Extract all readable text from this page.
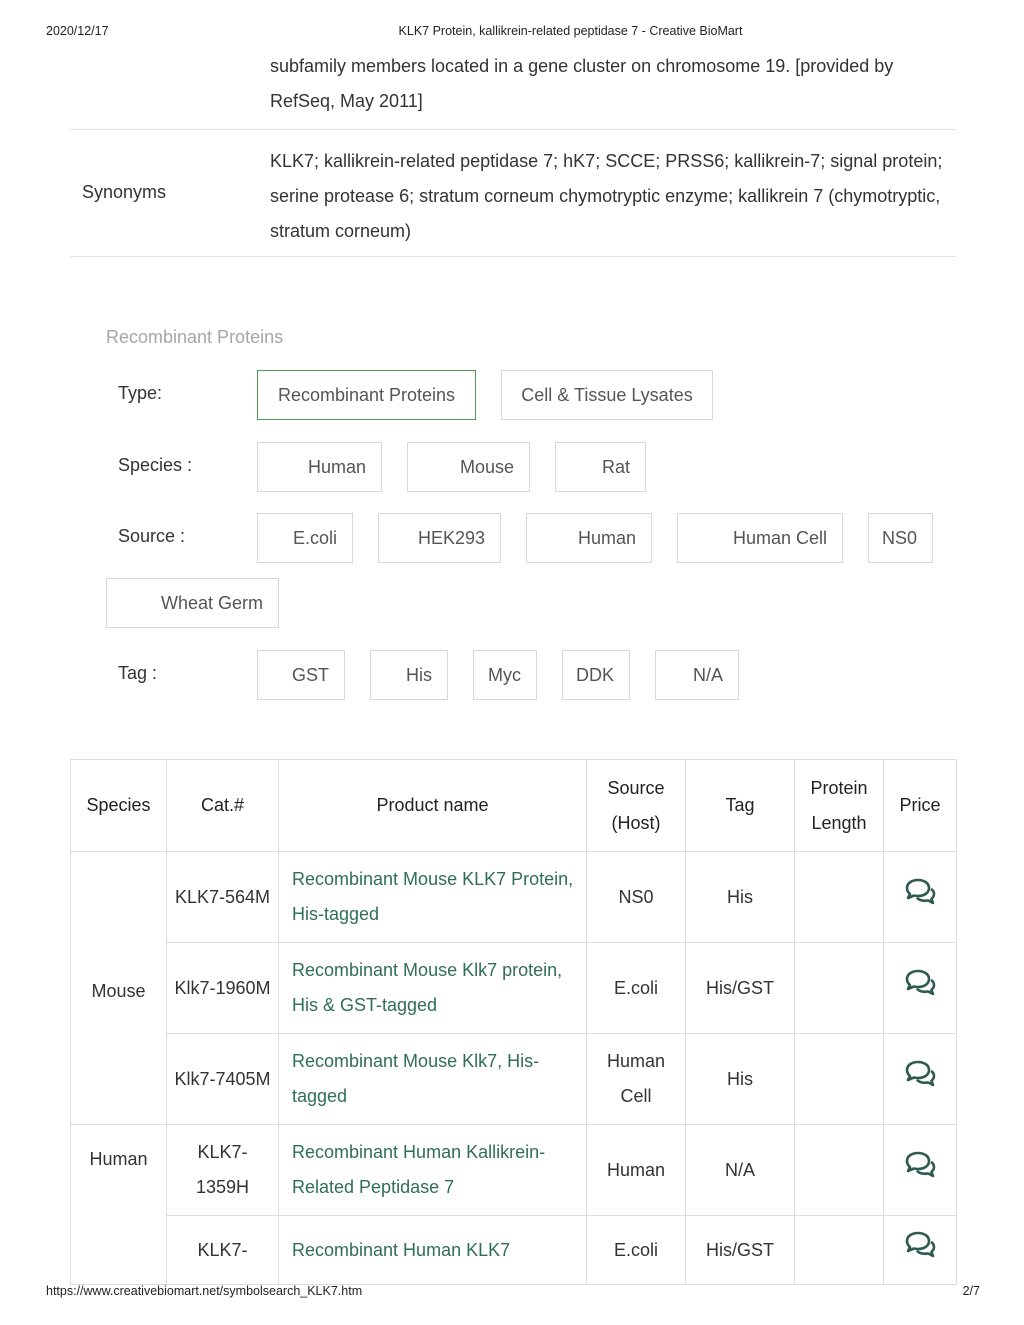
2020/12/17	KLK7 Protein, kallikrein-related peptidase 7 - Creative BioMart
subfamily members located in a gene cluster on chromosome 19. [provided by RefSeq, May 2011]
Synonyms
KLK7; kallikrein-related peptidase 7; hK7; SCCE; PRSS6; kallikrein-7; signal protein; serine protease 6; stratum corneum chymotryptic enzyme; kallikrein 7 (chymotryptic, stratum corneum)
Recombinant Proteins
Type:	Recombinant Proteins	Cell & Tissue Lysates
Species :	Human	Mouse	Rat
Source :	E.coli	HEK293	Human	Human Cell	NS0
Wheat Germ
Tag :	GST	His	Myc	DDK	N/A
Species	Cat.#	Product name	Source (Host)	Tag	Protein Length	Price
Mouse	KLK7-564M	Recombinant Mouse KLK7 Protein, His-tagged	NS0	His		
	Klk7-1960M	Recombinant Mouse Klk7 protein, His & GST-tagged	E.coli	His/GST		
	Klk7-7405M	Recombinant Mouse Klk7, His-tagged	Human Cell	His		
Human	KLK7-1359H	Recombinant Human Kallikrein-Related Peptidase 7	Human	N/A		
	KLK7-	Recombinant Human KLK7	E.coli	His/GST		
https://www.creativebiomart.net/symbolsearch_KLK7.htm	2/7
